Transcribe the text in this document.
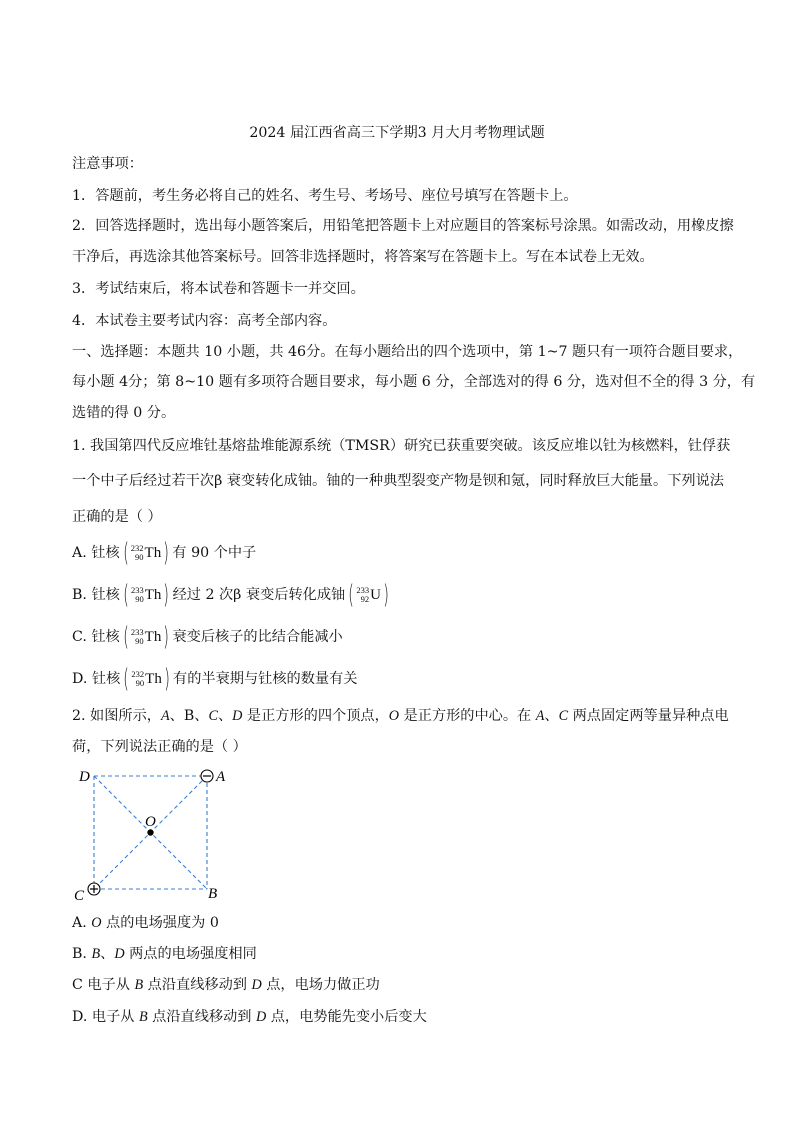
2024 届江西省高三下学期3 月大月考物理试题
注意事项：
1．答题前，考生务必将自己的姓名、考生号、考场号、座位号填写在答题卡上。
2．回答选择题时，选出每小题答案后，用铅笔把答题卡上对应题目的答案标号涂黑。如需改动，用橡皮擦
干净后，再选涂其他答案标号。回答非选择题时，将答案写在答题卡上。写在本试卷上无效。
3．考试结束后，将本试卷和答题卡一并交回。
4．本试卷主要考试内容：高考全部内容。
一、选择题：本题共 10 小题，共 46分。在每小题给出的四个选项中，第 1~7 题只有一项符合题目要求，
每小题 4分；第 8~10 题有多项符合题目要求，每小题 6 分，全部选对的得 6 分，选对但不全的得 3 分，有
选错的得 0 分。
1. 我国第四代反应堆钍基熔盐堆能源系统（TMSR）研究已获重要突破。该反应堆以钍为核燃料，钍俘获
一个中子后经过若干次β 衰变转化成铀。铀的一种典型裂变产物是钡和氪，同时释放巨大能量。下列说法
正确的是（ ）
A. 钍核 ( 232
90 Th ) 有 90 个中子
B. 钍核 ( 233
90 Th ) 经过 2 次β 衰变后转化成铀 ( 233
92 U )
C. 钍核 ( 233
90 Th ) 衰变后核子的比结合能减小
D. 钍核 ( 232
90 Th ) 有的半衰期与钍核的数量有关
2. 如图所示，A、B、C、D 是正方形的四个顶点，O 是正方形的中心。在 A、C 两点固定两等量异种点电
荷，下列说法正确的是（ ）
D	A
O
C	B
A. O 点的电场强度为 0
B. B、D 两点的电场强度相同
C 电子从 B 点沿直线移动到 D 点，电场力做正功
D. 电子从 B 点沿直线移动到 D 点，电势能先变小后变大
